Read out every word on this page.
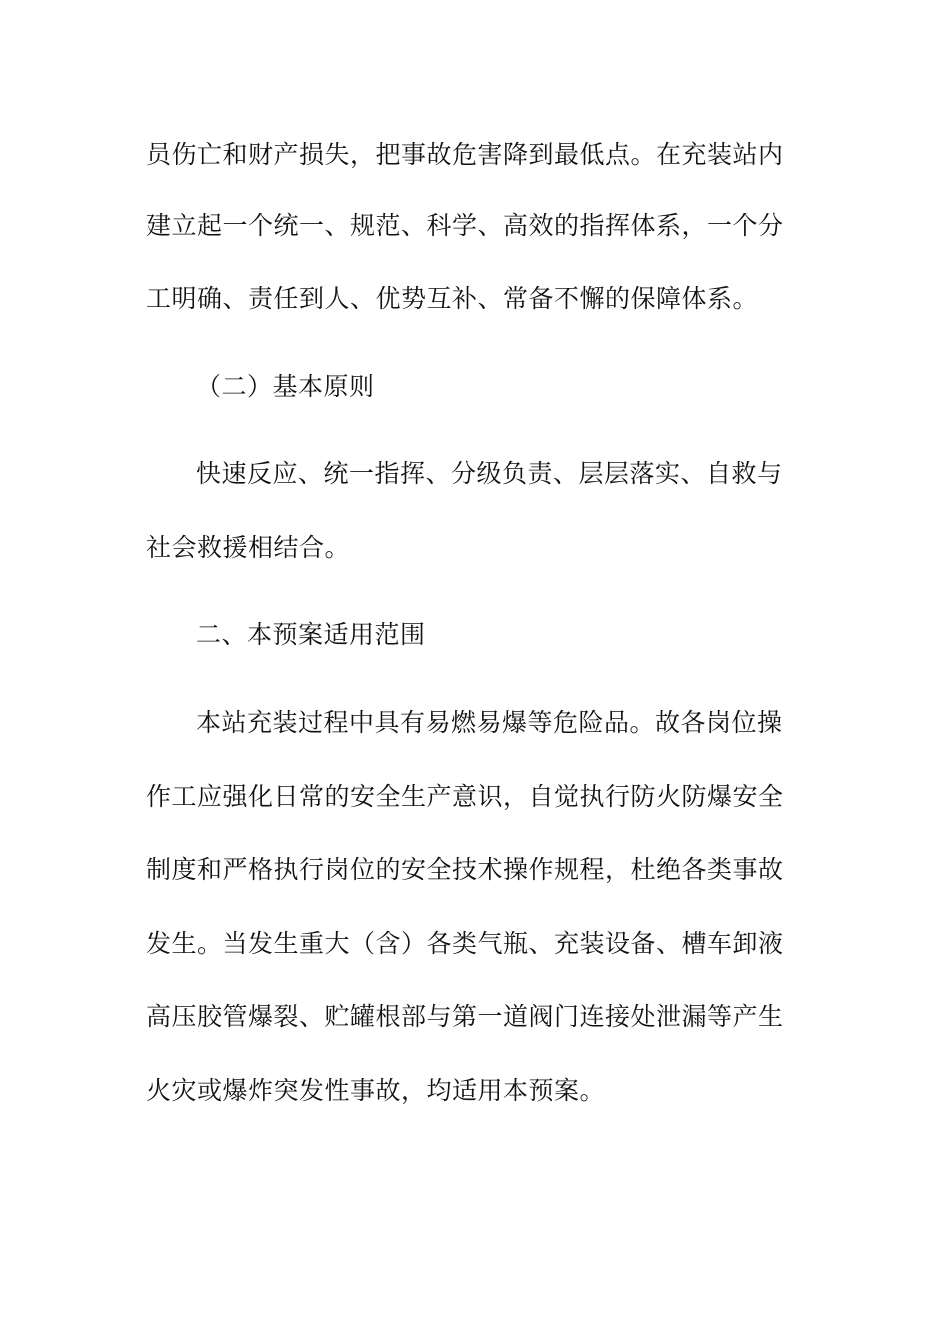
员伤亡和财产损失，把事故危害降到最低点。在充装站内
建立起一个统一、规范、科学、高效的指挥体系，一个分
工明确、责任到人、优势互补、常备不懈的保障体系。
（二）基本原则
快速反应、统一指挥、分级负责、层层落实、自救与
社会救援相结合。
二、本预案适用范围
本站充装过程中具有易燃易爆等危险品。故各岗位操
作工应强化日常的安全生产意识，自觉执行防火防爆安全
制度和严格执行岗位的安全技术操作规程，杜绝各类事故
发生。当发生重大（含）各类气瓶、充装设备、槽车卸液
高压胶管爆裂、贮罐根部与第一道阀门连接处泄漏等产生
火灾或爆炸突发性事故，均适用本预案。
